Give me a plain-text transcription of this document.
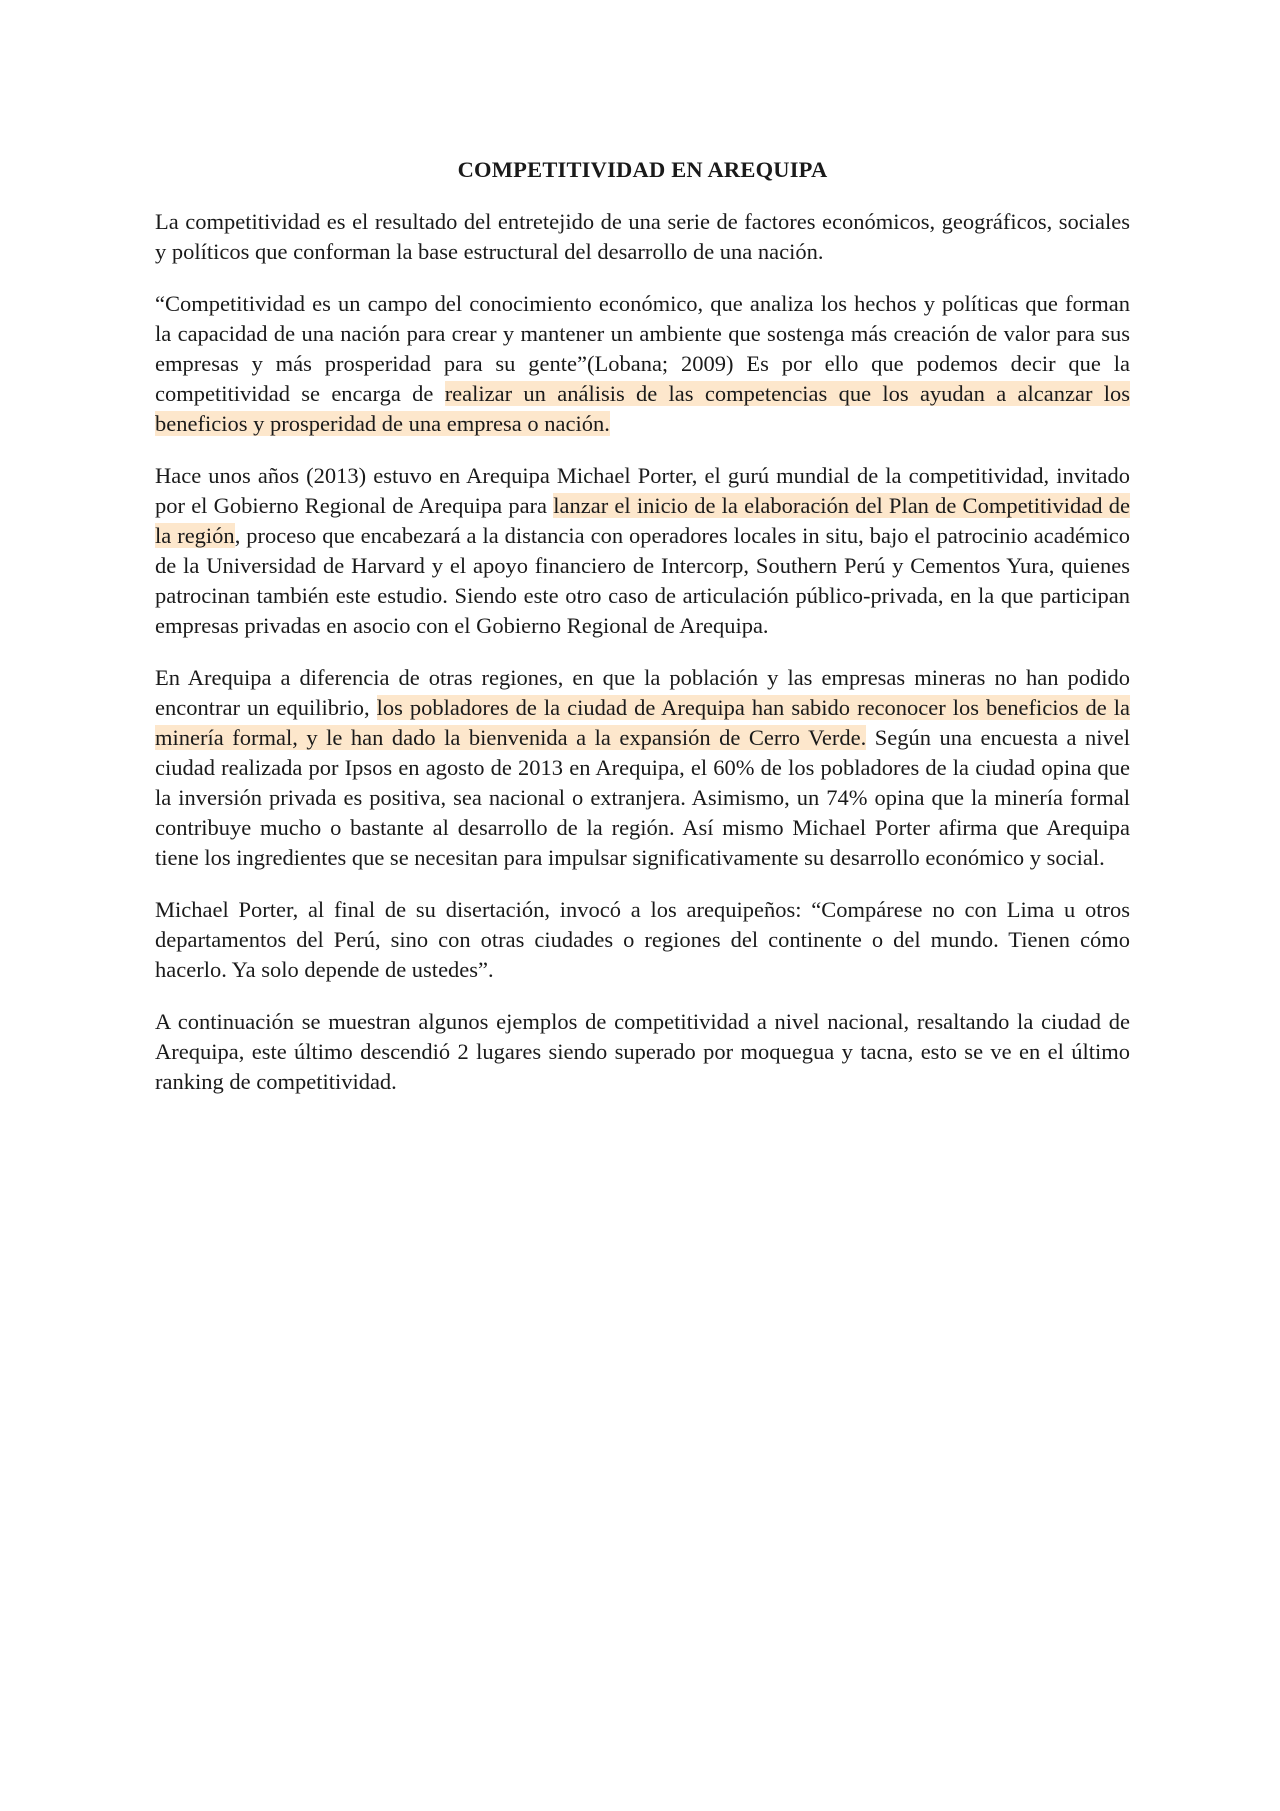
COMPETITIVIDAD EN AREQUIPA

La competitividad es el resultado del entretejido de una serie de factores económicos, geográficos, sociales y políticos que conforman la base estructural del desarrollo de una nación.

“Competitividad es un campo del conocimiento económico, que analiza los hechos y políticas que forman la capacidad de una nación para crear y mantener un ambiente que sostenga más creación de valor para sus empresas y más prosperidad para su gente”(Lobana; 2009) Es por ello que podemos decir que la competitividad se encarga de realizar un análisis de las competencias que los ayudan a alcanzar los beneficios y prosperidad de una empresa o nación.

Hace unos años (2013) estuvo en Arequipa Michael Porter, el gurú mundial de la competitividad, invitado por el Gobierno Regional de Arequipa para lanzar el inicio de la elaboración del Plan de Competitividad de la región, proceso que encabezará a la distancia con operadores locales in situ, bajo el patrocinio académico de la Universidad de Harvard y el apoyo financiero de Intercorp, Southern Perú y Cementos Yura, quienes patrocinan también este estudio. Siendo este otro caso de articulación público-privada, en la que participan empresas privadas en asocio con el Gobierno Regional de Arequipa.

En Arequipa a diferencia de otras regiones, en que la población y las empresas mineras no han podido encontrar un equilibrio, los pobladores de la ciudad de Arequipa han sabido reconocer los beneficios de la minería formal, y le han dado la bienvenida a la expansión de Cerro Verde. Según una encuesta a nivel ciudad realizada por Ipsos en agosto de 2013 en Arequipa, el 60% de los pobladores de la ciudad opina que la inversión privada es positiva, sea nacional o extranjera. Asimismo, un 74% opina que la minería formal contribuye mucho o bastante al desarrollo de la región. Así mismo Michael Porter afirma que Arequipa tiene los ingredientes que se necesitan para impulsar significativamente su desarrollo económico y social.

Michael Porter, al final de su disertación, invocó a los arequipeños: “Compárese no con Lima u otros departamentos del Perú, sino con otras ciudades o regiones del continente o del mundo. Tienen cómo hacerlo. Ya solo depende de ustedes”.

A continuación se muestran algunos ejemplos de competitividad a nivel nacional, resaltando la ciudad de Arequipa, este último descendió 2 lugares siendo superado por moquegua y tacna, esto se ve en el último ranking de competitividad.
